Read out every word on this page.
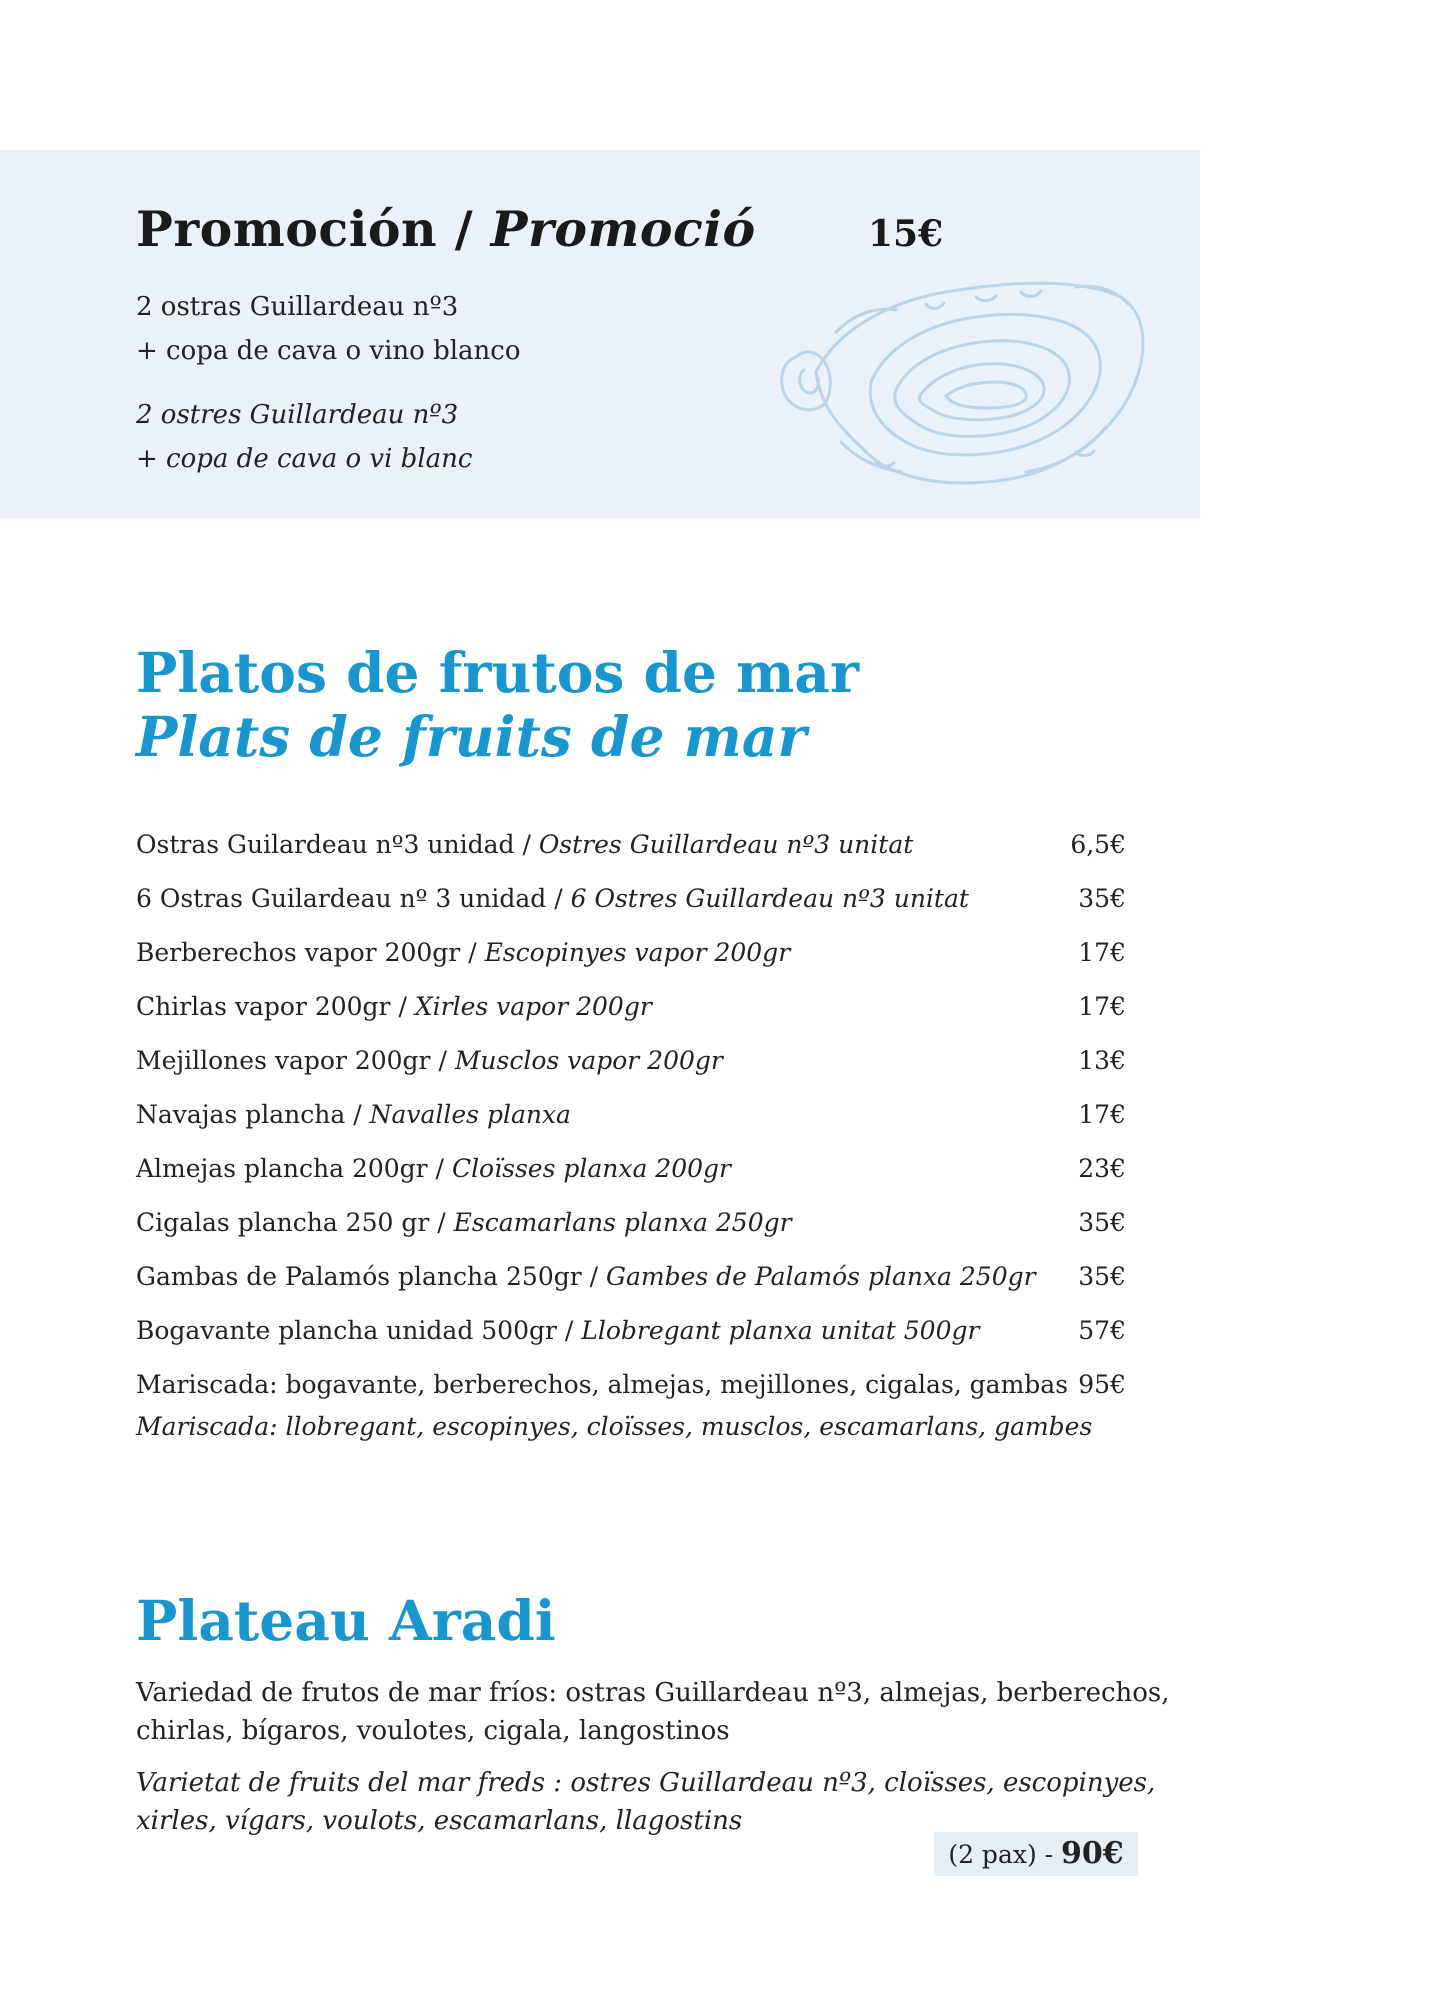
Promoción / Promoció	15€
2 ostras Guillardeau nº3
+ copa de cava o vino blanco
2 ostres Guillardeau nº3
+ copa de cava o vi blanc
Platos de frutos de mar
Plats de fruits de mar
Ostras Guilardeau nº3 unidad / Ostres Guillardeau nº3 unitat	6,5€
6 Ostras Guilardeau nº 3 unidad / 6 Ostres Guillardeau nº3 unitat	35€
Berberechos vapor 200gr / Escopinyes vapor 200gr	17€
Chirlas vapor 200gr / Xirles vapor 200gr	17€
Mejillones vapor 200gr / Musclos vapor 200gr	13€
Navajas plancha / Navalles planxa	17€
Almejas plancha 200gr / Cloïsses planxa 200gr	23€
Cigalas plancha 250 gr / Escamarlans planxa 250gr	35€
Gambas de Palamós plancha 250gr / Gambes de Palamós planxa 250gr 35€
Bogavante plancha unidad 500gr / Llobregant planxa unitat 500gr	57€
Mariscada: bogavante, berberechos, almejas, mejillones, cigalas, gambas 95€
Mariscada: llobregant, escopinyes, cloïsses, musclos, escamarlans, gambes
Plateau Aradi
Variedad de frutos de mar fríos: ostras Guillardeau nº3, almejas, berberechos,
chirlas, bígaros, voulotes, cigala, langostinos
Varietat de fruits del mar freds : ostres Guillardeau nº3, cloïsses, escopinyes,
xirles, vígars, voulots, escamarlans, llagostins
(2 pax) - 90€
